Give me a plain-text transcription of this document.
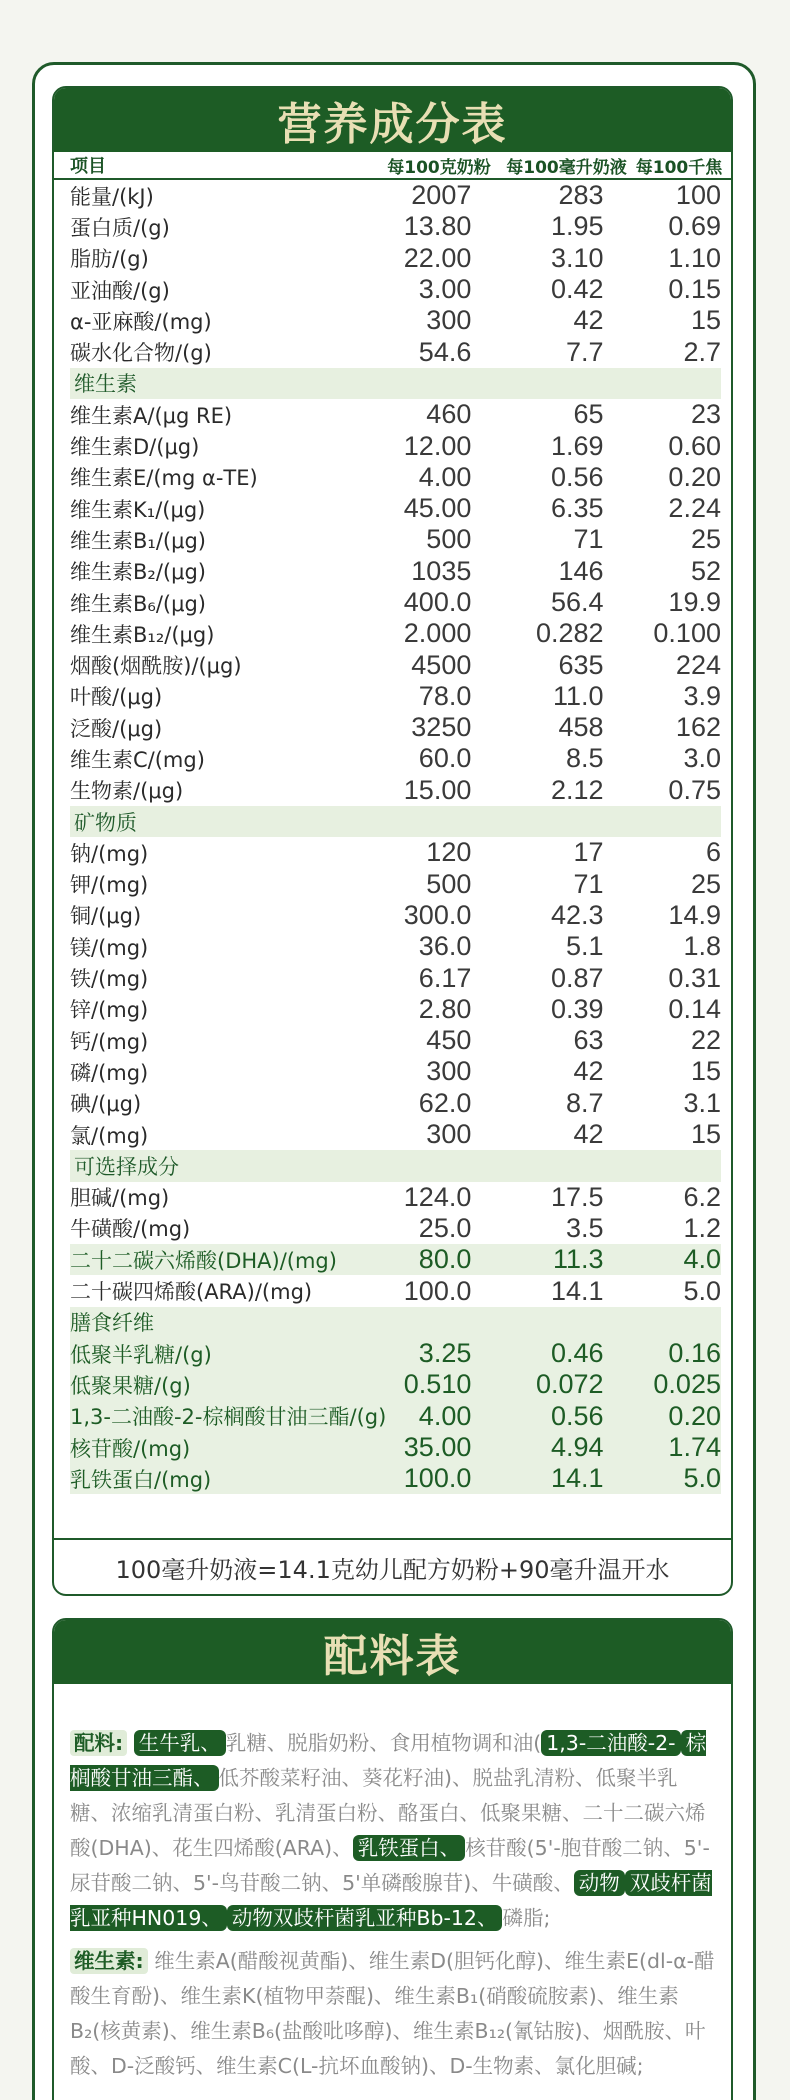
营养成分表
项目	每100克奶粉 每100毫升奶液 每100千焦
能量/(kJ)	2007	283	100
蛋白质/(g)	13.80	1.95	0.69
脂肪/(g)	22.00	3.10	1.10
亚油酸/(g)	3.00	0.42	0.15
α-亚麻酸/(mg)	300	42	15
碳水化合物/(g)	54.6	7.7	2.7
维生素
维生素A/(μg RE)	460	65	23
维生素D/(μg)	12.00	1.69	0.60
维生素E/(mg α-TE)	4.00	0.56	0.20
维生素K₁/(μg)	45.00	6.35	2.24
维生素B₁/(μg)	500	71	25
维生素B₂/(μg)	1035	146	52
维生素B₆/(μg)	400.0	56.4	19.9
维生素B₁₂/(μg)	2.000	0.282	0.100
烟酸(烟酰胺)/(μg)	4500	635	224
叶酸/(μg)	78.0	11.0	3.9
泛酸/(μg)	3250	458	162
维生素C/(mg)	60.0	8.5	3.0
生物素/(μg)	15.00	2.12	0.75
矿物质
钠/(mg)	120	17	6
钾/(mg)	500	71	25
铜/(μg)	300.0	42.3	14.9
镁/(mg)	36.0	5.1	1.8
铁/(mg)	6.17	0.87	0.31
锌/(mg)	2.80	0.39	0.14
钙/(mg)	450	63	22
磷/(mg)	300	42	15
碘/(μg)	62.0	8.7	3.1
氯/(mg)	300	42	15
可选择成分
胆碱/(mg)	124.0	17.5	6.2
牛磺酸/(mg)	25.0	3.5	1.2
二十二碳六烯酸(DHA)/(mg)	80.0	11.3	4.0
二十碳四烯酸(ARA)/(mg)	100.0	14.1	5.0
膳食纤维
低聚半乳糖/(g)	3.25	0.46	0.16
低聚果糖/(g)	0.510	0.072	0.025
1,3-二油酸-2-棕榈酸甘油三酯/(g)	4.00	0.56	0.20
核苷酸/(mg)	35.00	4.94	1.74
乳铁蛋白/(mg)	100.0	14.1	5.0
100毫升奶液=14.1克幼儿配方奶粉+90毫升温开水
配料表

配料: 生牛乳、 乳糖、脱脂奶粉、食用植物调和油( 1,3-二油酸-2- 棕榈酸甘油三酯、 低芥酸菜籽油、葵花籽油)、脱盐乳清粉、低聚半乳糖、浓缩乳清蛋白粉、乳清蛋白粉、酪蛋白、低聚果糖、二十二碳六烯酸(DHA)、花生四烯酸(ARA)、 乳铁蛋白、 核苷酸(5'-胞苷酸二钠、5'-尿苷酸二钠、5'-鸟苷酸二钠、5'单磷酸腺苷)、牛磺酸、 动物 双歧杆菌乳亚种HN019、 动物双歧杆菌乳亚种Bb-12、 磷脂;

维生素: 维生素A(醋酸视黄酯)、维生素D(胆钙化醇)、维生素E(dl-α-醋酸生育酚)、维生素K(植物甲萘醌)、维生素B₁(硝酸硫胺素)、维生素B₂(核黄素)、维生素B₆(盐酸吡哆醇)、维生素B₁₂(氰钴胺)、烟酰胺、叶酸、D-泛酸钙、维生素C(L-抗坏血酸钠)、D-生物素、氯化胆碱;
